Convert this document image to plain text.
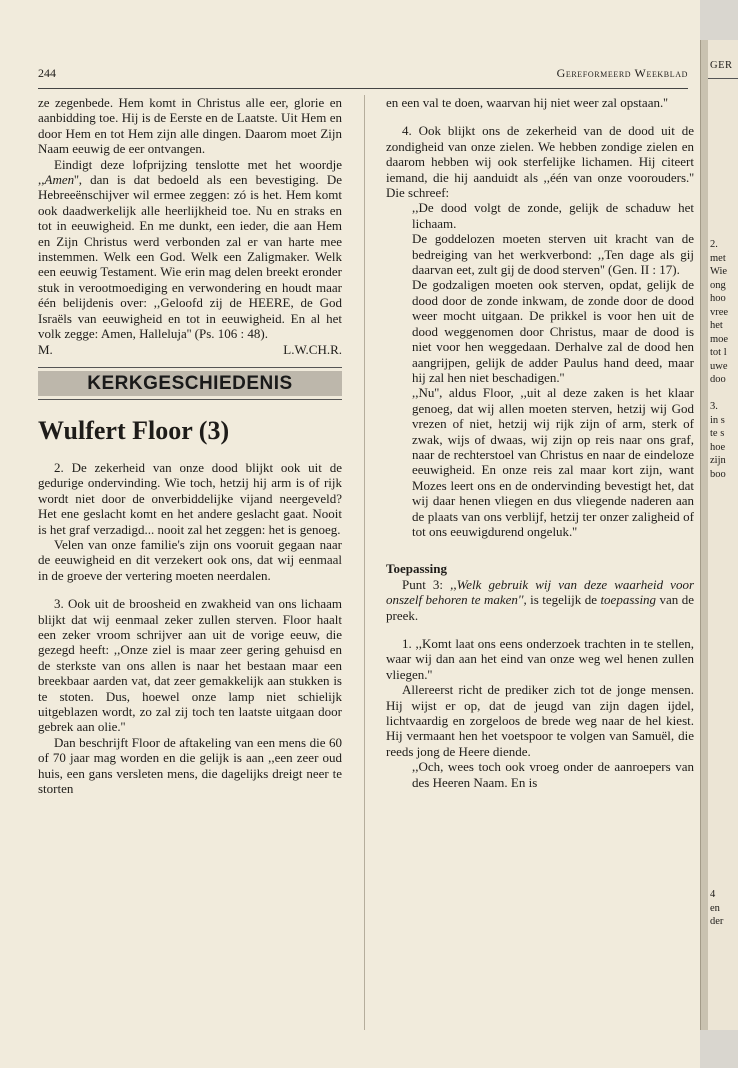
244	Gereformeerd Weekblad

ze zegenbede. Hem komt in Christus alle eer, glorie en aanbidding toe. Hij is de Eerste en de Laatste. Uit Hem en door Hem en tot Hem zijn alle dingen. Daarom moet Zijn Naam eeuwig de eer ontvangen.

Eindigt deze lofprijzing tenslotte met het woordje ,,Amen'', dan is dat bedoeld als een bevestiging. De Hebreeënschijver wil ermee zeggen: zó is het. Hem komt ook daadwerkelijk alle heerlijkheid toe. Nu en straks en tot in eeuwigheid. En me dunkt, een ieder, die aan Hem en Zijn Christus werd verbonden zal er van harte mee instemmen. Welk een God. Welk een Zaligmaker. Welk een eeuwig Testament. Wie erin mag delen breekt eronder stuk in verootmoediging en verwondering en houdt maar één belijdenis over: ,,Geloofd zij de HEERE, de God Israëls van eeuwigheid en tot in eeuwigheid. En al het volk zegge: Amen, Halleluja'' (Ps. 106 : 48).

M.	L.W.CH.R.
KERKGESCHIEDENIS
Wulfert Floor (3)

2. De zekerheid van onze dood blijkt ook uit de gedurige ondervinding. Wie toch, hetzij hij arm is of rijk wordt niet door de onverbiddelijke vijand neergeveld? Het ene geslacht komt en het andere geslacht gaat. Nooit is het graf verzadigd... nooit zal het zeggen: het is genoeg.

Velen van onze familie's zijn ons vooruit gegaan naar de eeuwigheid en dit verzekert ook ons, dat wij eenmaal in de groeve der vertering moeten neerdalen.

3. Ook uit de broosheid en zwakheid van ons lichaam blijkt dat wij eenmaal zeker zullen sterven. Floor haalt een zeker vroom schrijver aan uit de vorige eeuw, die gezegd heeft: ,,Onze ziel is maar zeer gering gehuisd en de sterkste van ons allen is naar het bestaan maar een breekbaar aarden vat, dat zeer gemakkelijk aan stukken is te stoten. Dus, hoewel onze lamp niet schielijk uitgeblazen wordt, zo zal zij toch ten laatste uitgaan door gebrek aan olie.''

Dan beschrijft Floor de aftakeling van een mens die 60 of 70 jaar mag worden en die gelijk is aan ,,een zeer oud huis, een gans versleten mens, die dagelijks dreigt neer te storten

en een val te doen, waarvan hij niet weer zal opstaan.''

4. Ook blijkt ons de zekerheid van de dood uit de zondigheid van onze zielen. We hebben zondige zielen en daarom hebben wij ook sterfelijke lichamen. Hij citeert iemand, die hij aanduidt als ,,één van onze voorouders.'' Die schreef:

,,De dood volgt de zonde, gelijk de schaduw het lichaam.

De goddelozen moeten sterven uit kracht van de bedreiging van het werkverbond: ,,Ten dage als gij daarvan eet, zult gij de dood sterven'' (Gen. II : 17).

De godzaligen moeten ook sterven, opdat, gelijk de dood door de zonde inkwam, de zonde door de dood weer mocht uitgaan. De prikkel is voor hen uit de dood weggenomen door Christus, maar de dood is niet voor hen weggedaan. Derhalve zal de dood hen aangrijpen, gelijk de adder Paulus hand deed, maar hij zal hen niet beschadigen.''

,,Nu'', aldus Floor, ,,uit al deze zaken is het klaar genoeg, dat wij allen moeten sterven, hetzij wij God vrezen of niet, hetzij wij rijk zijn of arm, sterk of zwak, wijs of dwaas, wij zijn op reis naar ons graf, naar de rechterstoel van Christus en naar de eindeloze eeuwigheid. En onze reis zal maar kort zijn, want Mozes leert ons en de ondervinding bevestigt het, dat wij daar henen vliegen en dus vliegende naderen aan de plaats van ons verblijf, hetzij ter onzer zaligheid of tot ons eeuwigdurend ongeluk.''

Toepassing

Punt 3: ,,Welk gebruik wij van deze waarheid voor onszelf behoren te maken'', is tegelijk de toepassing van de preek.

1. ,,Komt laat ons eens onderzoek trachten in te stellen, waar wij dan aan het eind van onze weg wel henen zullen vliegen.''

Allereerst richt de prediker zich tot de jonge mensen. Hij wijst er op, dat de jeugd van zijn dagen ijdel, lichtvaardig en zorgeloos de brede weg naar de hel kiest. Hij vermaant hen het voetspoor te volgen van Samuël, die reeds jong de Heere diende.

,,Och, wees toch ook vroeg onder de aanroepers van des Heeren Naam. En is

GER
2.
met
Wie
ong
hoo
vree
het
moe
tot l
uwe
doo
3.
in s
te s
hoe
zijn
boo
4
en
der
